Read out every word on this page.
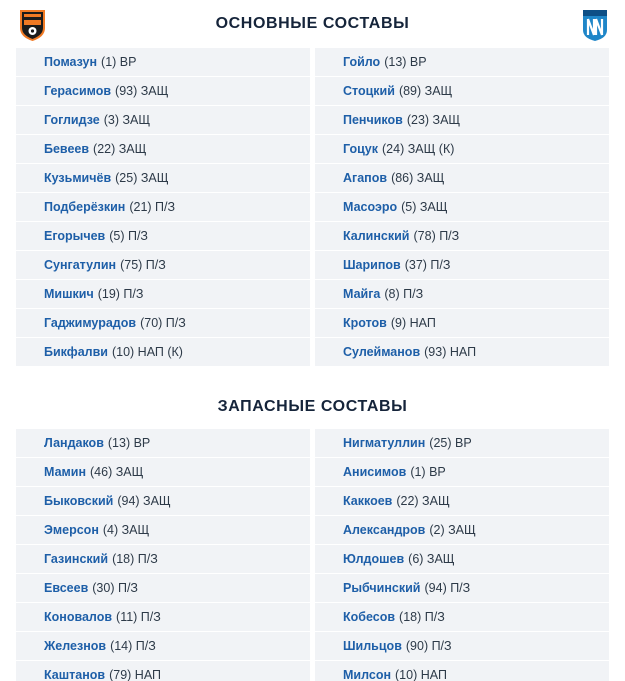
ОСНОВНЫЕ СОСТАВЫ
Помазун (1) ВР
Герасимов (93) ЗАЩ
Гоглидзе (3) ЗАЩ
Бевеев (22) ЗАЩ
Кузьмичёв (25) ЗАЩ
Подберёзкин (21) П/З
Егорычев (5) П/З
Сунгатулин (75) П/З
Мишкич (19) П/З
Гаджимурадов (70) П/З
Бикфалви (10) НАП (К)
Гойло (13) ВР
Стоцкий (89) ЗАЩ
Пенчиков (23) ЗАЩ
Гоцук (24) ЗАЩ (К)
Агапов (86) ЗАЩ
Масоэро (5) ЗАЩ
Калинский (78) П/З
Шарипов (37) П/З
Майга (8) П/З
Кротов (9) НАП
Сулейманов (93) НАП
ЗАПАСНЫЕ СОСТАВЫ
Ландаков (13) ВР
Мамин (46) ЗАЩ
Быковский (94) ЗАЩ
Эмерсон (4) ЗАЩ
Газинский (18) П/З
Евсеев (30) П/З
Коновалов (11) П/З
Железнов (14) П/З
Каштанов (79) НАП
Нигматуллин (25) ВР
Анисимов (1) ВР
Каккоев (22) ЗАЩ
Александров (2) ЗАЩ
Юлдошев (6) ЗАЩ
Рыбчинский (94) П/З
Кобесов (18) П/З
Шильцов (90) П/З
Милсон (10) НАП
